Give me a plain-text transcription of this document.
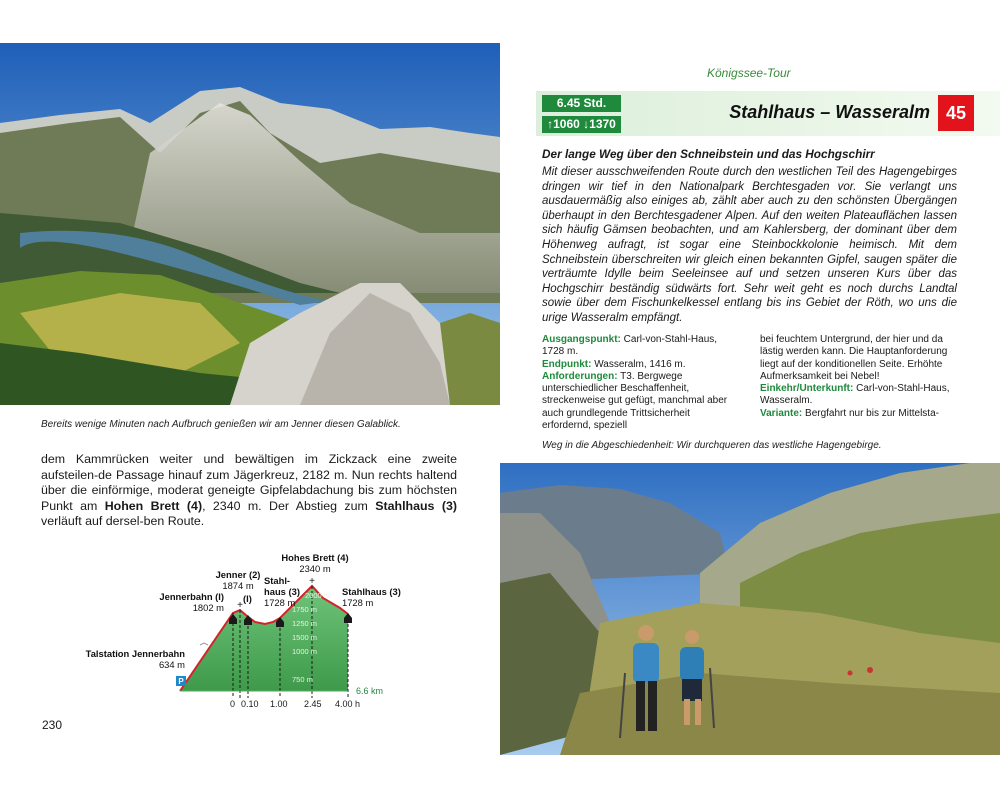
Bereits wenige Minuten nach Aufbruch genießen wir am Jenner diesen Galablick.
dem Kammrücken weiter und bewältigen im Zickzack eine zweite aufsteilen-de Passage hinauf zum Jägerkreuz, 2182 m. Nun rechts haltend über die einförmige, moderat geneigte Gipfelabdachung bis zum höchsten Punkt am Hohen Brett (4), 2340 m. Der Abstieg zum Stahlhaus (3) verläuft auf dersel-ben Route.
+
+
P
Talstation Jennerbahn
634 m
Jennerbahn (I)
1802 m
Jenner (2)
1874 m
(I)
Stahl-
haus (3)
1728 m
Hohes Brett (4)
2340 m
Stahlhaus (3)
1728 m
750 m
1000 m
1250 m
1500 m
1750 m
2000 m
0 0.10 1.00 2.45 4.00 h
6.6 km
230
Königssee-Tour
6.45 Std.
↑1060 ↓1370
Stahlhaus – Wasseralm 45
Der lange Weg über den Schneibstein und das Hochgschirr
Mit dieser ausschweifenden Route durch den westlichen Teil des Hagengebirges dringen wir tief in den Nationalpark Berchtesgaden vor. Sie verlangt uns ausdauermäßig also einiges ab, zählt aber auch zu den schönsten Übergängen überhaupt in den Berchtesgadener Alpen. Auf den weiten Plateauflächen lassen sich häufig Gämsen beobachten, und am Kahlersberg, der dominant über dem Höhenweg aufragt, ist sogar eine Steinbockkolonie heimisch. Mit dem Schneibstein überschreiten wir gleich einen bekannten Gipfel, saugen später die verträumte Idylle beim Seeleinsee auf und setzen unseren Kurs über das Hochgschirr beständig südwärts fort. Sehr weit geht es noch durchs Landtal sowie über dem Fischunkelkessel entlang bis ins Gebiet der Röth, wo uns die urige Wasseralm empfängt.
Ausgangspunkt: Carl-von-Stahl-Haus, 1728 m.
Endpunkt: Wasseralm, 1416 m.
Anforderungen: T3. Bergwege unterschiedlicher Beschaffenheit, streckenweise gut gefügt, manchmal aber auch grundlegende Trittsicherheit erfordernd, speziell
bei feuchtem Untergrund, der hier und da lästig werden kann. Die Hauptanforderung liegt auf der konditionellen Seite. Erhöhte Aufmerksamkeit bei Nebel!
Einkehr/Unterkunft: Carl-von-Stahl-Haus, Wasseralm.
Variante: Bergfahrt nur bis zur Mittelsta-
Weg in die Abgeschiedenheit: Wir durchqueren das westliche Hagengebirge.
